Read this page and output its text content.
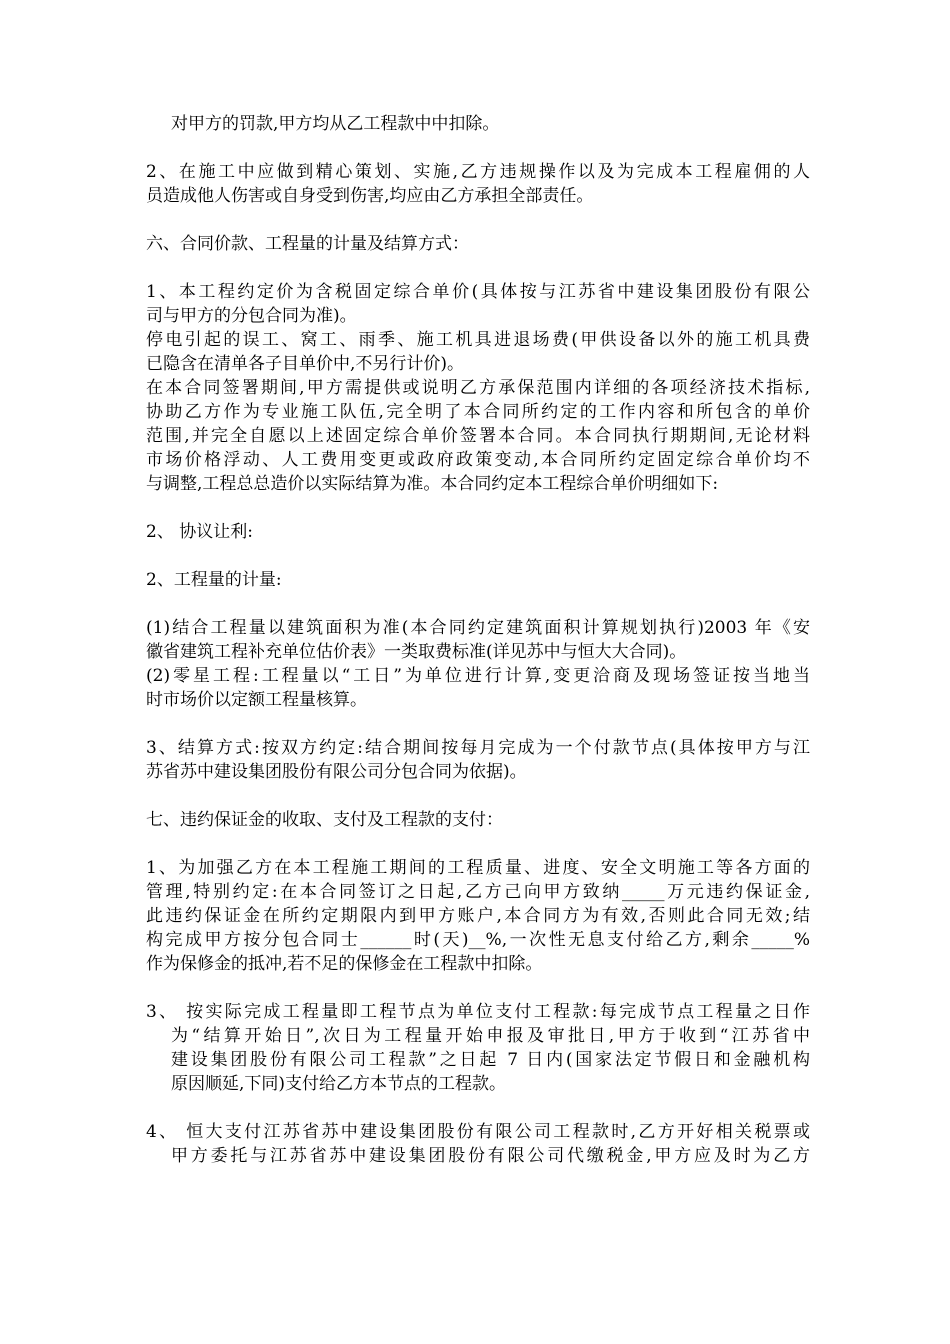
对甲方的罚款,甲方均从乙工程款中中扣除。
2、在施工中应做到精心策划、实施,乙方违规操作以及为完成本工程雇佣的人
员造成他人伤害或自身受到伤害,均应由乙方承担全部责任。
六、合同价款、工程量的计量及结算方式：
1、本工程约定价为含税固定综合单价(具体按与江苏省中建设集团股份有限公
司与甲方的分包合同为准)。
停电引起的误工、窝工、雨季、施工机具进退场费(甲供设备以外的施工机具费
已隐含在清单各子目单价中,不另行计价)。
在本合同签署期间,甲方需提供或说明乙方承保范围内详细的各项经济技术指标,
协助乙方作为专业施工队伍,完全明了本合同所约定的工作内容和所包含的单价
范围,并完全自愿以上述固定综合单价签署本合同。本合同执行期期间,无论材料
市场价格浮动、人工费用变更或政府政策变动,本合同所约定固定综合单价均不
与调整,工程总总造价以实际结算为准。本合同约定本工程综合单价明细如下:
2、 协议让利:
2、工程量的计量:
(1)结合工程量以建筑面积为准(本合同约定建筑面积计算规划执行)2003 年《安
徽省建筑工程补充单位估价表》一类取费标准(详见苏中与恒大大合同)。
(2)零星工程:工程量以“工日”为单位进行计算,变更洽商及现场签证按当地当
时市场价以定额工程量核算。
3、结算方式:按双方约定:结合期间按每月完成为一个付款节点(具体按甲方与江
苏省苏中建设集团股份有限公司分包合同为依据)。
七、违约保证金的收取、支付及工程款的支付：
1、为加强乙方在本工程施工期间的工程质量、进度、安全文明施工等各方面的
管理,特别约定:在本合同签订之日起,乙方己向甲方致纳_____万元违约保证金,
此违约保证金在所约定期限内到甲方账户,本合同方为有效,否则此合同无效;结
构完成甲方按分包合同士______时(天)__%,一次性无息支付给乙方,剩余_____%
作为保修金的抵冲,若不足的保修金在工程款中扣除。
3、 按实际完成工程量即工程节点为单位支付工程款:每完成节点工程量之日作
为“结算开始日”,次日为工程量开始申报及审批日,甲方于收到“江苏省中
建设集团股份有限公司工程款”之日起 7 日内(国家法定节假日和金融机构
原因顺延,下同)支付给乙方本节点的工程款。
4、 恒大支付江苏省苏中建设集团股份有限公司工程款时,乙方开好相关税票或
甲方委托与江苏省苏中建设集团股份有限公司代缴税金,甲方应及时为乙方
